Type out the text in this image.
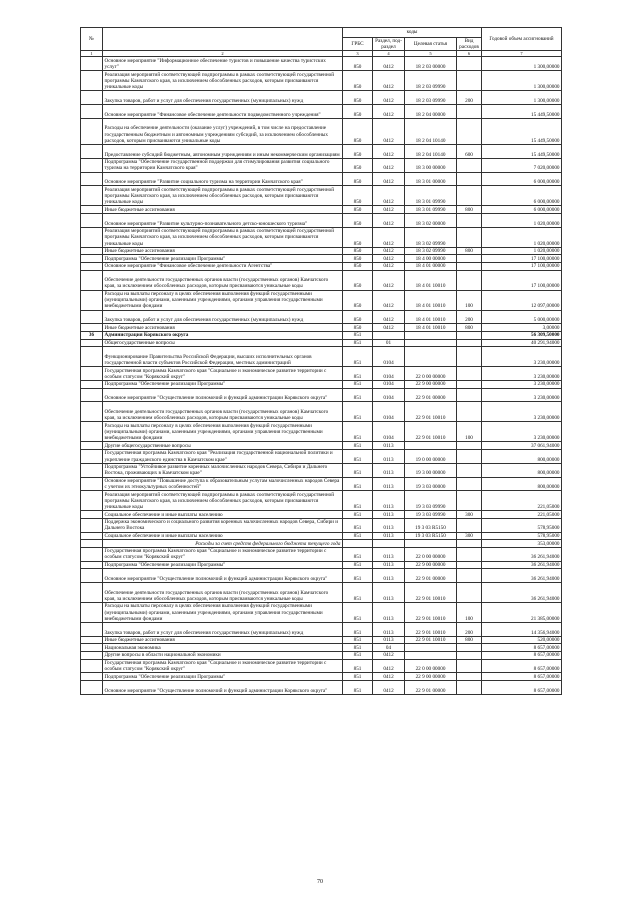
№		коды				Годовой объем ассигнований
		ГРБС	Раздел, под-раздел	Целевая статья	Вид расходов	
1	2	3	4	5	6	7
	Основное мероприятие "Информационное обеспечение туристов и повышение качества туристских услуг"	850	0412	18 2 03 00000		1 300,00000
	Реализация мероприятий соответствующей подпрограммы в рамках соответствующей государственной программы Камчатского края, за исключением обособленных расходов, которым присваиваются уникальные коды	850	0412	18 2 03 09990		1 300,00000
	Закупка товаров, работ и услуг для обеспечения государственных (муниципальных) нужд	850	0412	18 2 03 09990	200	1 300,00000
	Основное мероприятие "Финансовое обеспечение деятельности подведомственного учреждения"	850	0412	18 2 04 00000		15 449,50000
	Расходы на обеспечение деятельности (оказание услуг) учреждений, в том числе на предоставление государственным бюджетным и автономным учреждениям субсидий, за исключением обособленных расходов, которым присваиваются уникальные коды	850	0412	18 2 04 10140		15 449,50000
	Предоставление субсидий бюджетным, автономным учреждениям и иным некоммерческим организациям	850	0412	18 2 04 10140	600	15 449,50000
	Подпрограмма "Обеспечение государственной поддержки для стимулирования развития социального туризма на территории Камчатского края"	850	0412	18 3 00 00000		7 020,00000
	Основное мероприятие "Развитие социального туризма на территории Камчатского края"	850	0412	18 3 01 00000		6 000,00000
	Реализация мероприятий соответствующей подпрограммы в рамках соответствующей государственной программы Камчатского края, за исключением обособленных расходов, которым присваиваются уникальные коды	850	0412	18 3 01 09990		6 000,00000
	Иные бюджетные ассигнования	850	0412	18 3 01 09990	800	6 000,00000
	Основное мероприятие "Развитие культурно-познавательного детско-юношеского туризма"	850	0412	18 3 02 00000		1 020,00000
	Реализация мероприятий соответствующей подпрограммы в рамках соответствующей государственной программы Камчатского края, за исключением обособленных расходов, которым присваиваются уникальные коды	850	0412	18 3 02 09990		1 020,00000
	Иные бюджетные ассигнования	850	0412	18 3 02 09990	800	1 020,00000
	Подпрограмма "Обеспечение реализации Программы"	850	0412	18 4 00 00000		17 100,00000
	Основное мероприятие "Финансовое обеспечение деятельности Агентства"	850	0412	18 4 01 00000		17 100,00000
	Обеспечение деятельности государственных органов власти (государственных органов) Камчатского края, за исключением обособленных расходов, которым присваиваются уникальные коды	850	0412	18 4 01 10010		17 100,00000
	Расходы на выплаты персоналу в целях обеспечения выполнения функций государственными (муниципальными) органами, казенными учреждениями, органами управления государственными внебюджетными фондами	850	0412	18 4 01 10010	100	12 097,00000
	Закупка товаров, работ и услуг для обеспечения государственных (муниципальных) нужд	850	0412	18 4 01 10010	200	5 000,00000
	Иные бюджетные ассигнования	850	0412	18 4 01 10010	800	3,00000
36	Администрация Корякского округа	851				56 309,50000
	Общегосударственные вопросы	851	01			40 291,94000
	Функционирование Правительства Российской Федерации, высших исполнительных органов государственной власти субъектов Российской Федерации, местных администраций	851	0104			3 230,00000
	Государственная программа Камчатского края "Социальное и экономическое развитие территории с особым статусом "Корякский округ"	851	0104	22 0 00 00000		3 230,00000
	Подпрограмма "Обеспечение реализации Программы"	851	0104	22 9 00 00000		3 230,00000
	Основное мероприятие "Осуществление полномочий и функций администрации Корякского округа"	851	0104	22 9 01 00000		3 230,00000
	Обеспечение деятельности государственных органов власти (государственных органов) Камчатского края, за исключением обособленных расходов, которым присваиваются уникальные коды	851	0104	22 9 01 10010		3 230,00000
	Расходы на выплаты персоналу в целях обеспечения выполнения функций государственными (муниципальными) органами, казенными учреждениями, органами управления государственными внебюджетными фондами	851	0104	22 9 01 10010	100	3 230,00000
	Другие общегосударственные вопросы	851	0113			37 061,94000
	Государственная программа Камчатского края "Реализация государственной национальной политики и укрепление гражданского единства в Камчатском крае"	851	0113	19 0 00 00000		800,00000
	Подпрограмма "Устойчивое развитие коренных малочисленных народов Севера, Сибири и Дальнего Востока, проживающих в Камчатском крае"	851	0113	19 3 00 00000		800,00000
	Основное мероприятие "Повышение доступа к образовательным услугам малочисленных народов Севера с учетом их этнокультурных особенностей"	851	0113	19 3 03 00000		800,00000
	Реализация мероприятий соответствующей подпрограммы в рамках соответствующей государственной программы Камчатского края, за исключением обособленных расходов, которым присваиваются уникальные коды	851	0113	19 3 03 09990		221,05000
	Социальное обеспечение и иные выплаты населению	851	0113	19 3 03 09990	300	221,05000
	Поддержка экономического и социального развития коренных малочисленных народов Севера, Сибири и Дальнего Востока	851	0113	19 3 03 R5150		578,95000
	Социальное обеспечение и иные выплаты населению	851	0113	19 3 03 R5150	300	578,95000
	Расходы за счет средств федерального бюджета текущего года					353,00000
	Государственная программа Камчатского края "Социальное и экономическое развитие территории с особым статусом "Корякский округ"	851	0113	22 0 00 00000		36 261,94000
	Подпрограмма "Обеспечение реализации Программы"	851	0113	22 9 00 00000		36 261,94000
	Основное мероприятие "Осуществление полномочий и функций администрации Корякского округа"	851	0113	22 9 01 00000		36 261,94000
	Обеспечение деятельности государственных органов власти (государственных органов) Камчатского края, за исключением обособленных расходов, которым присваиваются уникальные коды	851	0113	22 9 01 10010		36 261,94000
	Расходы на выплаты персоналу в целях обеспечения выполнения функций государственными (муниципальными) органами, казенными учреждениями, органами управления государственными внебюджетными фондами	851	0113	22 9 01 10010	100	21 385,00000
	Закупка товаров, работ и услуг для обеспечения государственных (муниципальных) нужд	851	0113	22 9 01 10010	200	14 356,94000
	Иные бюджетные ассигнования	851	0113	22 9 01 10010	800	520,00000
	Национальная экономика	851	04			8 657,00000
	Другие вопросы в области национальной экономики	851	0412			8 657,00000
	Государственная программа Камчатского края "Социальное и экономическое развитие территории с особым статусом "Корякский округ"	851	0412	22 0 00 00000		8 657,00000
	Подпрограмма "Обеспечение реализации Программы"	851	0412	22 9 00 00000		8 657,00000
	Основное мероприятие "Осуществление полномочий и функций администрации Корякского округа"	851	0412	22 9 01 00000		8 657,00000
70
